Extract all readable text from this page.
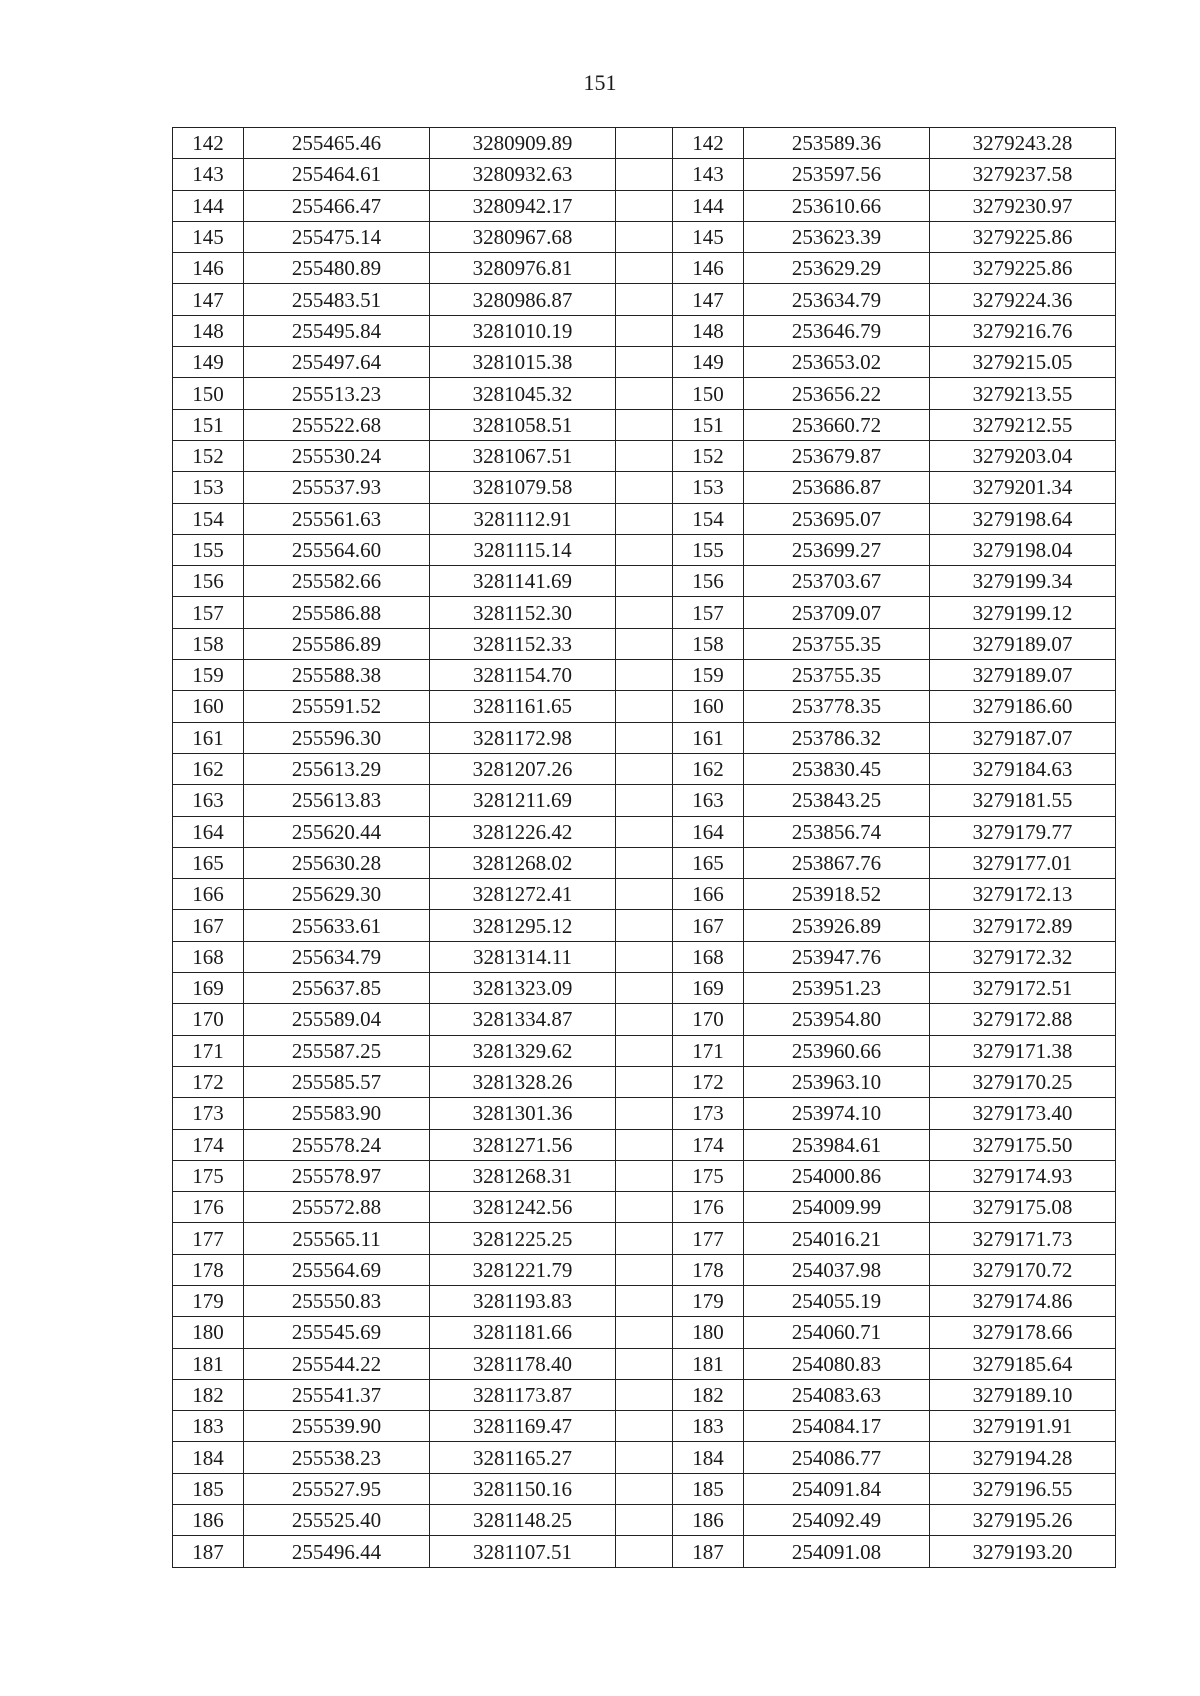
151
142	255465.46	3280909.89		142	253589.36	3279243.28
143	255464.61	3280932.63		143	253597.56	3279237.58
144	255466.47	3280942.17		144	253610.66	3279230.97
145	255475.14	3280967.68		145	253623.39	3279225.86
146	255480.89	3280976.81		146	253629.29	3279225.86
147	255483.51	3280986.87		147	253634.79	3279224.36
148	255495.84	3281010.19		148	253646.79	3279216.76
149	255497.64	3281015.38		149	253653.02	3279215.05
150	255513.23	3281045.32		150	253656.22	3279213.55
151	255522.68	3281058.51		151	253660.72	3279212.55
152	255530.24	3281067.51		152	253679.87	3279203.04
153	255537.93	3281079.58		153	253686.87	3279201.34
154	255561.63	3281112.91		154	253695.07	3279198.64
155	255564.60	3281115.14		155	253699.27	3279198.04
156	255582.66	3281141.69		156	253703.67	3279199.34
157	255586.88	3281152.30		157	253709.07	3279199.12
158	255586.89	3281152.33		158	253755.35	3279189.07
159	255588.38	3281154.70		159	253755.35	3279189.07
160	255591.52	3281161.65		160	253778.35	3279186.60
161	255596.30	3281172.98		161	253786.32	3279187.07
162	255613.29	3281207.26		162	253830.45	3279184.63
163	255613.83	3281211.69		163	253843.25	3279181.55
164	255620.44	3281226.42		164	253856.74	3279179.77
165	255630.28	3281268.02		165	253867.76	3279177.01
166	255629.30	3281272.41		166	253918.52	3279172.13
167	255633.61	3281295.12		167	253926.89	3279172.89
168	255634.79	3281314.11		168	253947.76	3279172.32
169	255637.85	3281323.09		169	253951.23	3279172.51
170	255589.04	3281334.87		170	253954.80	3279172.88
171	255587.25	3281329.62		171	253960.66	3279171.38
172	255585.57	3281328.26		172	253963.10	3279170.25
173	255583.90	3281301.36		173	253974.10	3279173.40
174	255578.24	3281271.56		174	253984.61	3279175.50
175	255578.97	3281268.31		175	254000.86	3279174.93
176	255572.88	3281242.56		176	254009.99	3279175.08
177	255565.11	3281225.25		177	254016.21	3279171.73
178	255564.69	3281221.79		178	254037.98	3279170.72
179	255550.83	3281193.83		179	254055.19	3279174.86
180	255545.69	3281181.66		180	254060.71	3279178.66
181	255544.22	3281178.40		181	254080.83	3279185.64
182	255541.37	3281173.87		182	254083.63	3279189.10
183	255539.90	3281169.47		183	254084.17	3279191.91
184	255538.23	3281165.27		184	254086.77	3279194.28
185	255527.95	3281150.16		185	254091.84	3279196.55
186	255525.40	3281148.25		186	254092.49	3279195.26
187	255496.44	3281107.51		187	254091.08	3279193.20
